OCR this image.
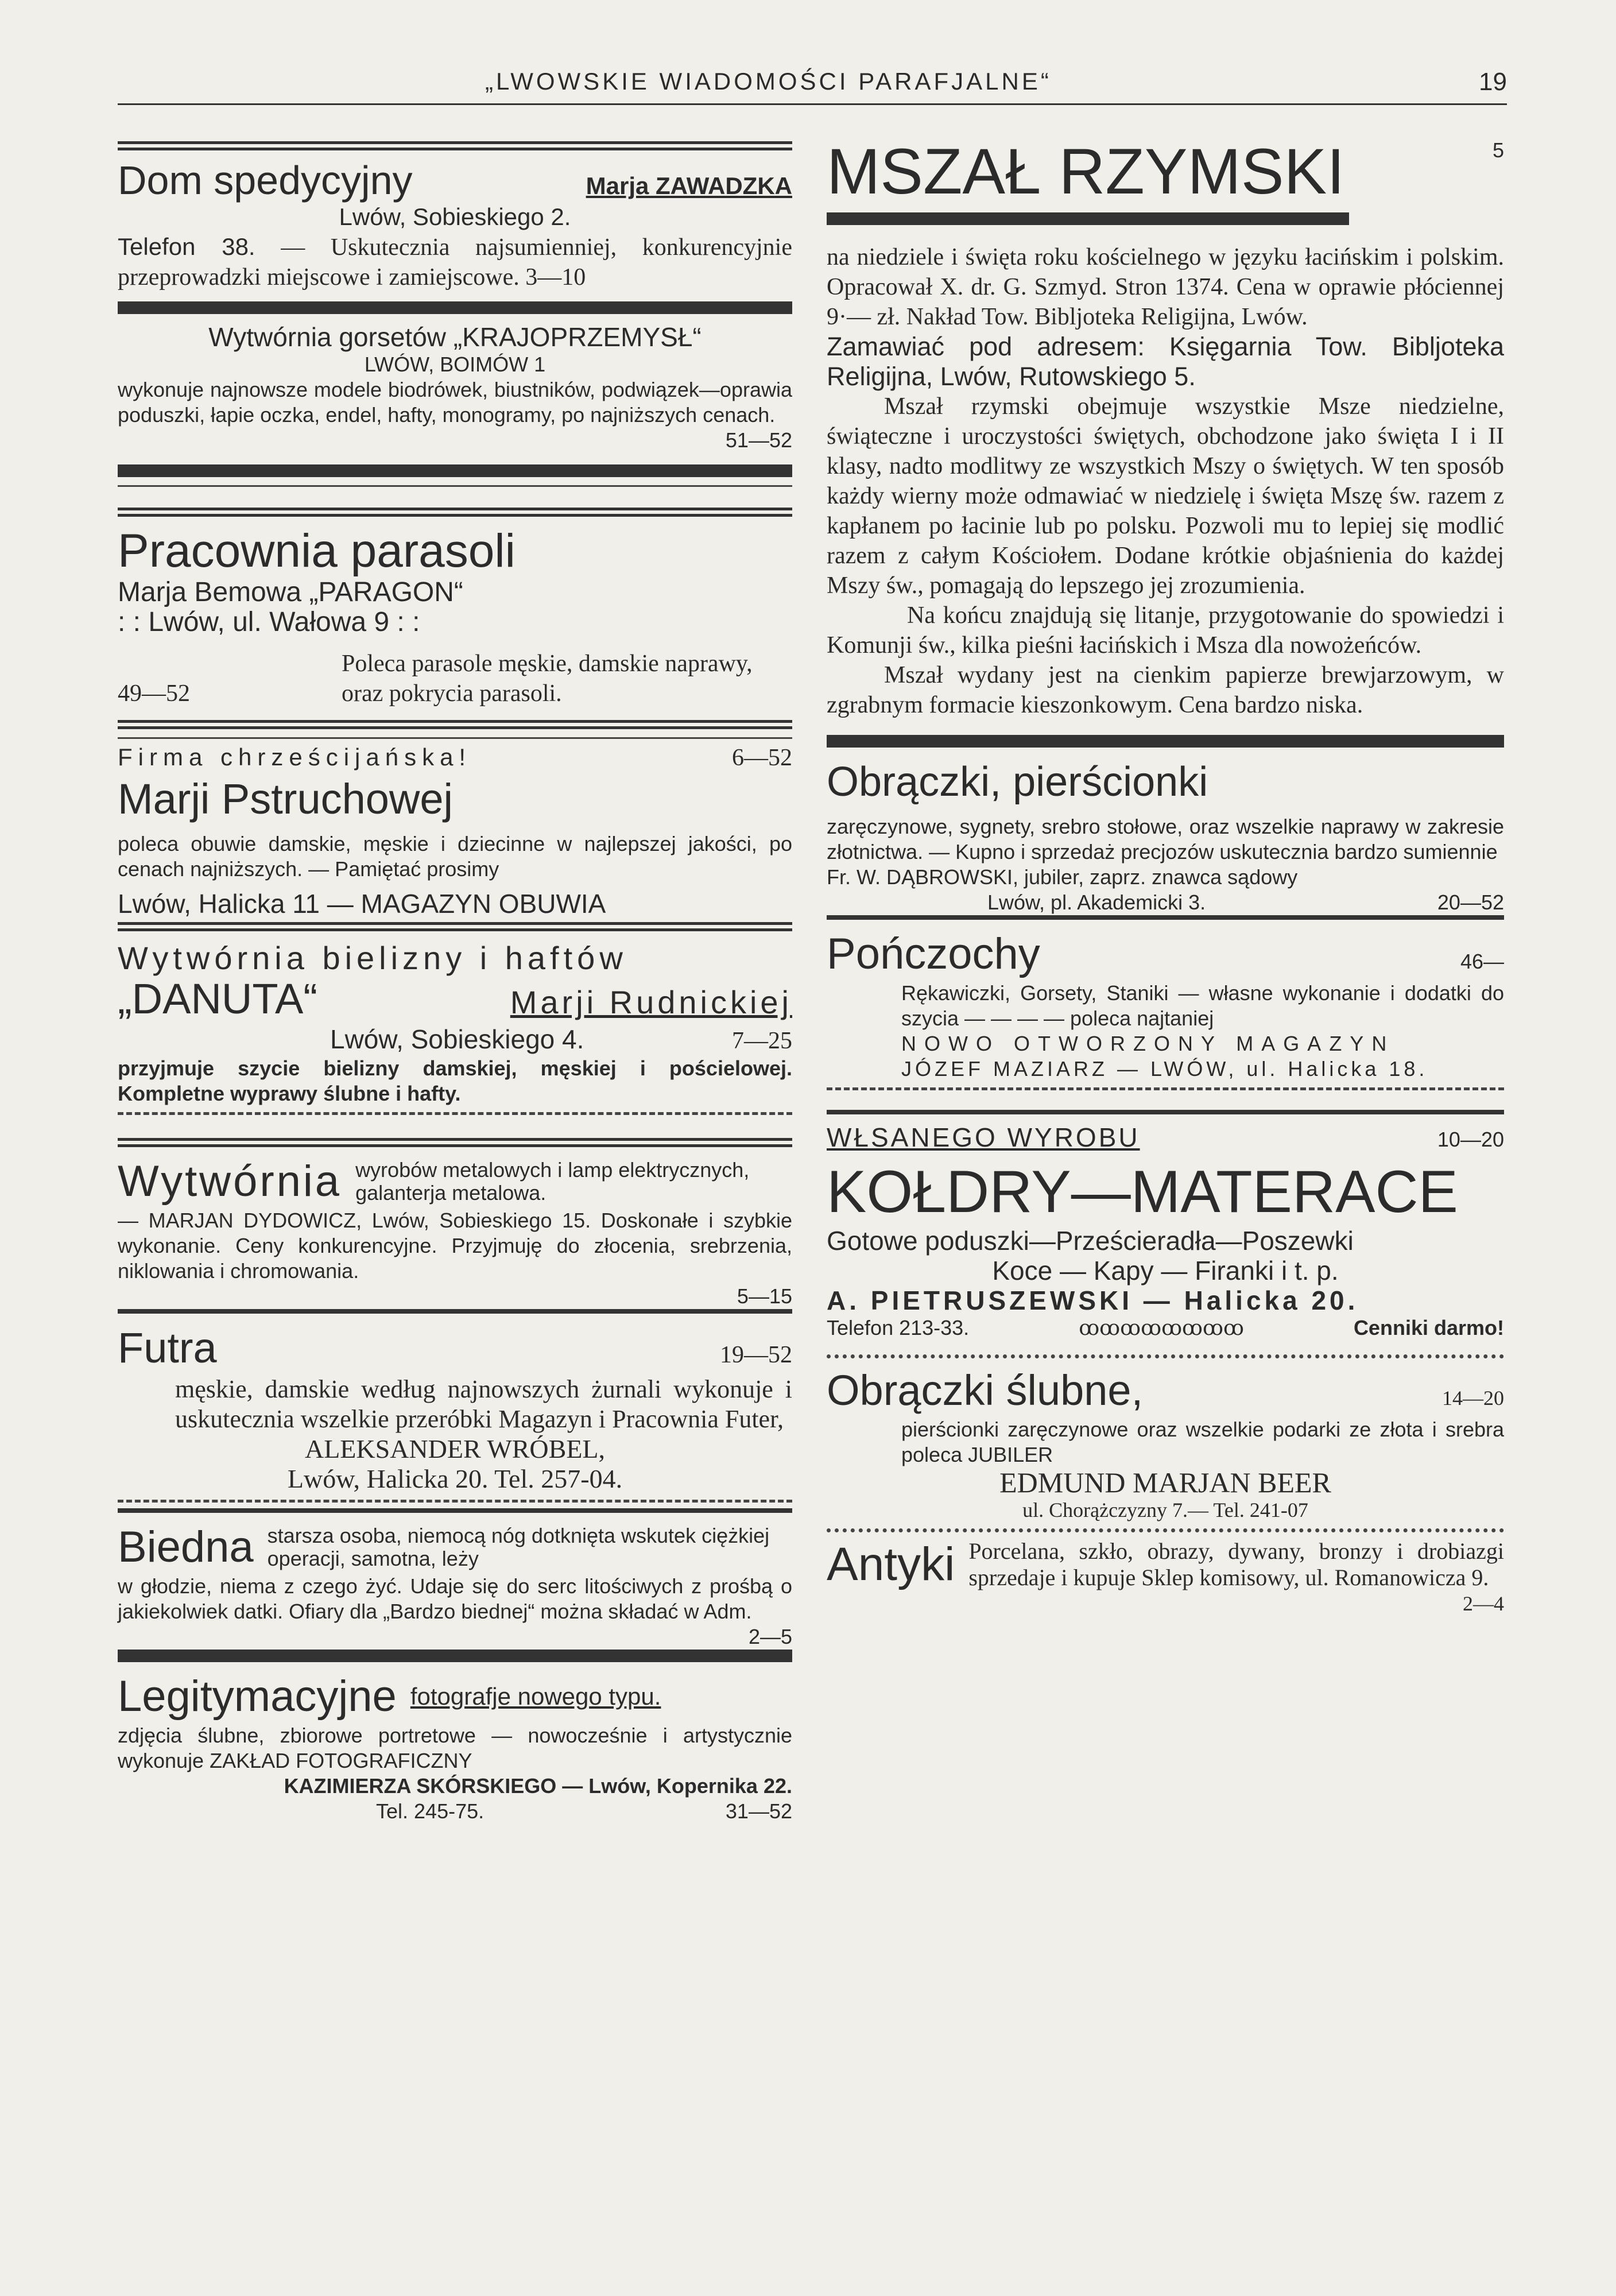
„LWOWSKIE WIADOMOŚCI PARAFJALNE“	19
Dom spedycyjny	Marja ZAWADZKA
Lwów, Sobieskiego 2.
Telefon 38. — Uskutecznia najsumienniej, konkurencyjnie przeprowadzki miejscowe i zamiejscowe. 3—10
Wytwórnia gorsetów „KRAJOPRZEMYSŁ“
LWÓW, BOIMÓW 1
wykonuje najnowsze modele biodrówek, biustników, podwiązek—oprawia poduszki, łapie oczka, endel, hafty, monogramy, po najniższych cenach.
51—52
Pracownia parasoli
Marja Bemowa „PARAGON“
: : Lwów, ul. Wałowa 9 : :
Poleca parasole męskie, damskie naprawy, oraz pokrycia parasoli.
49—52
Firma chrześcijańska!	6—52
Marji Pstruchowej
poleca obuwie damskie, męskie i dziecinne w najlepszej jakości, po cenach najniższych. — Pamiętać prosimy
Lwów, Halicka 11 — MAGAZYN OBUWIA
Wytwórnia bielizny i haftów
„DANUTA“	Marji Rudnickiej
Lwów, Sobieskiego 4.	7—25
przyjmuje szycie bielizny damskiej, męskiej i pościelowej. Kompletne wyprawy ślubne i hafty.
Wytwórnia wyrobów metalowych i lamp elektrycznych, galanterja metalowa.
— MARJAN DYDOWICZ, Lwów, Sobieskiego 15. Doskonałe i szybkie wykonanie. Ceny konkurencyjne. Przyjmuję do złocenia, srebrzenia, niklowania i chromowania.
5—15
Futra	19—52
męskie, damskie według najnowszych żurnali wykonuje i uskutecznia wszelkie przeróbki Magazyn i Pracownia Futer,
ALEKSANDER WRÓBEL,
Lwów, Halicka 20. Tel. 257-04.
Biedna starsza osoba, niemocą nóg dotknięta wskutek ciężkiej operacji, samotna, leży
w głodzie, niema z czego żyć. Udaje się do serc litościwych z prośbą o jakiekolwiek datki. Ofiary dla „Bardzo biednej“ można składać w Adm.
2—5
Legitymacyjne fotografje nowego typu.
zdjęcia ślubne, zbiorowe portretowe — nowocześnie i artystycznie wykonuje ZAKŁAD FOTOGRAFICZNY
KAZIMIERZA SKÓRSKIEGO — Lwów, Kopernika 22.
Tel. 245-75.	31—52
MSZAŁ RZYMSKI	5
na niedziele i święta roku kościelnego w języku łacińskim i polskim. Opracował X. dr. G. Szmyd. Stron 1374. Cena w oprawie płóciennej 9·— zł. Nakład Tow. Bibljoteka Religijna, Lwów.
Zamawiać pod adresem: Księgarnia Tow. Bibljoteka Religijna, Lwów, Rutowskiego 5.
Mszał rzymski obejmuje wszystkie Msze niedzielne, świąteczne i uroczystości świętych, obchodzone jako święta I i II klasy, nadto modlitwy ze wszystkich Mszy o świętych. W ten sposób każdy wierny może odmawiać w niedzielę i święta Mszę św. razem z kapłanem po łacinie lub po polsku. Pozwoli mu to lepiej się modlić razem z całym Kościołem. Dodane krótkie objaśnienia do każdej Mszy św., pomagają do lepszego jej zrozumienia.
Na końcu znajdują się litanje, przygotowanie do spowiedzi i Komunji św., kilka pieśni łacińskich i Msza dla nowożeńców.
Mszał wydany jest na cienkim papierze brewjarzowym, w zgrabnym formacie kieszonkowym. Cena bardzo niska.
Obrączki, pierścionki
zaręczynowe, sygnety, srebro stołowe, oraz wszelkie naprawy w zakresie złotnictwa. — Kupno i sprzedaż precjozów uskutecznia bardzo sumiennie
Fr. W. DĄBROWSKI, jubiler, zaprz. znawca sądowy
Lwów, pl. Akademicki 3.	20—52
Pończochy	46—
Rękawiczki, Gorsety, Staniki — własne wykonanie i dodatki do szycia — — — — poleca najtaniej
NOWO OTWORZONY MAGAZYN
JÓZEF MAZIARZ — LWÓW, ul. Halicka 18.
WŁSANEGO WYROBU	10—20
KOŁDRY—MATERACE
Gotowe poduszki—Prześcieradła—Poszewki
Koce — Kapy — Firanki i t. p.
A. PIETRUSZEWSKI — Halicka 20.
Telefon 213-33.	ꝏꝏꝏꝏꝏꝏꝏꝏ	Cenniki darmo!
Obrączki ślubne,	14—20
pierścionki zaręczynowe oraz wszelkie podarki ze złota i srebra poleca JUBILER
EDMUND MARJAN BEER
ul. Chorążczyzny 7.— Tel. 241-07
Antyki Porcelana, szkło, obrazy, dywany, bronzy i drobiazgi sprzedaje i kupuje Sklep komisowy, ul. Romanowicza 9.
2—4
